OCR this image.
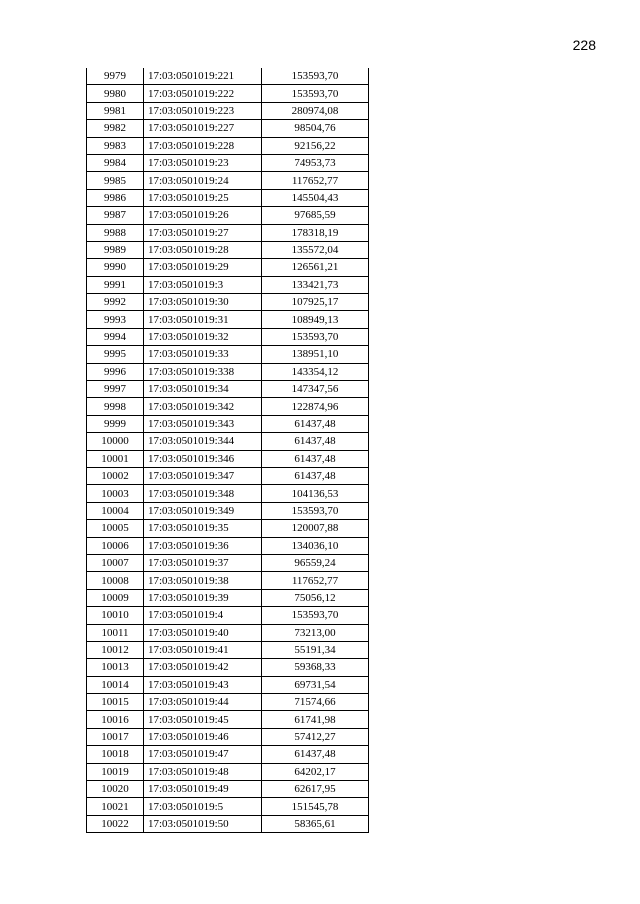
228
9979	17:03:0501019:221	153593,70
9980	17:03:0501019:222	153593,70
9981	17:03:0501019:223	280974,08
9982	17:03:0501019:227	98504,76
9983	17:03:0501019:228	92156,22
9984	17:03:0501019:23	74953,73
9985	17:03:0501019:24	117652,77
9986	17:03:0501019:25	145504,43
9987	17:03:0501019:26	97685,59
9988	17:03:0501019:27	178318,19
9989	17:03:0501019:28	135572,04
9990	17:03:0501019:29	126561,21
9991	17:03:0501019:3	133421,73
9992	17:03:0501019:30	107925,17
9993	17:03:0501019:31	108949,13
9994	17:03:0501019:32	153593,70
9995	17:03:0501019:33	138951,10
9996	17:03:0501019:338	143354,12
9997	17:03:0501019:34	147347,56
9998	17:03:0501019:342	122874,96
9999	17:03:0501019:343	61437,48
10000	17:03:0501019:344	61437,48
10001	17:03:0501019:346	61437,48
10002	17:03:0501019:347	61437,48
10003	17:03:0501019:348	104136,53
10004	17:03:0501019:349	153593,70
10005	17:03:0501019:35	120007,88
10006	17:03:0501019:36	134036,10
10007	17:03:0501019:37	96559,24
10008	17:03:0501019:38	117652,77
10009	17:03:0501019:39	75056,12
10010	17:03:0501019:4	153593,70
10011	17:03:0501019:40	73213,00
10012	17:03:0501019:41	55191,34
10013	17:03:0501019:42	59368,33
10014	17:03:0501019:43	69731,54
10015	17:03:0501019:44	71574,66
10016	17:03:0501019:45	61741,98
10017	17:03:0501019:46	57412,27
10018	17:03:0501019:47	61437,48
10019	17:03:0501019:48	64202,17
10020	17:03:0501019:49	62617,95
10021	17:03:0501019:5	151545,78
10022	17:03:0501019:50	58365,61
